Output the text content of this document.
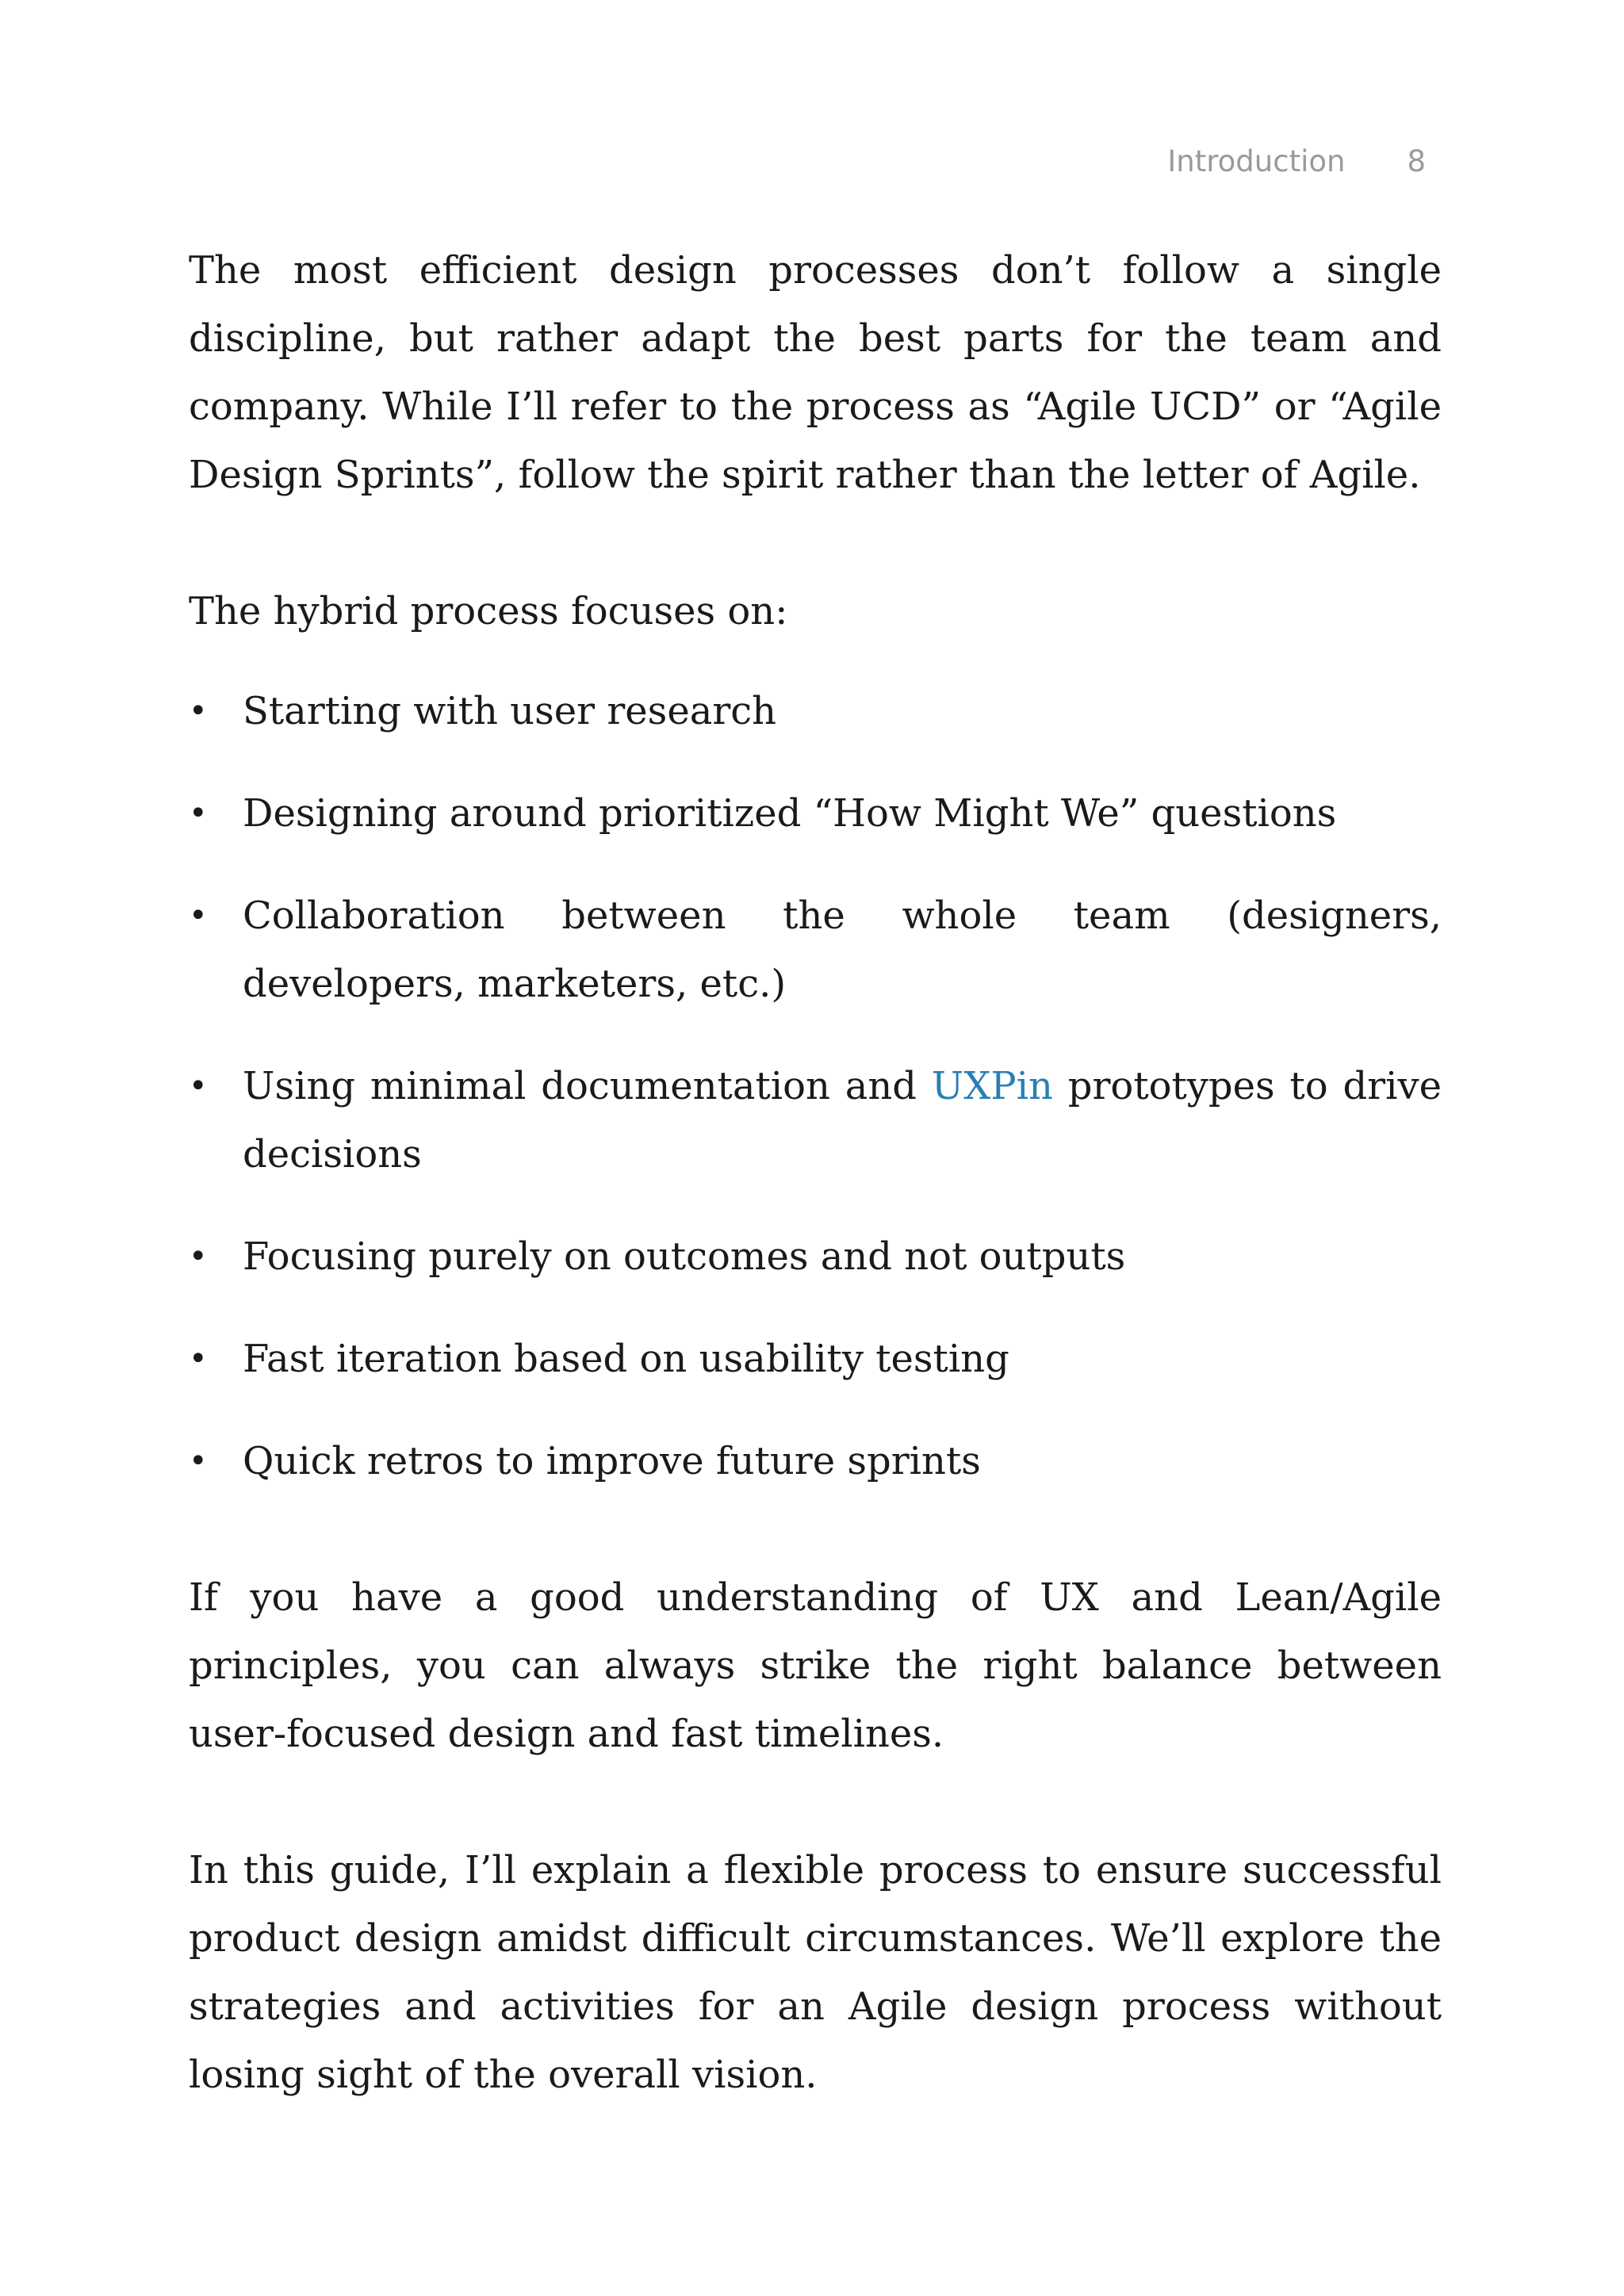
Introduction 8

The most efficient design processes don’t follow a single discipline, but rather adapt the best parts for the team and company. While I’ll refer to the process as “Agile UCD” or “Agile Design Sprints”, follow the spirit rather than the letter of Agile.

The hybrid process focuses on:

• Starting with user research
• Designing around prioritized “How Might We” questions
• Collaboration between the whole team (designers, developers, marketers, etc.)
• Using minimal documentation and UXPin prototypes to drive decisions
• Focusing purely on outcomes and not outputs
• Fast iteration based on usability testing
• Quick retros to improve future sprints

If you have a good understanding of UX and Lean/Agile principles, you can always strike the right balance between user-focused design and fast timelines.

In this guide, I’ll explain a flexible process to ensure successful product design amidst difficult circumstances. We’ll explore the strategies and activities for an Agile design process without losing sight of the overall vision.
